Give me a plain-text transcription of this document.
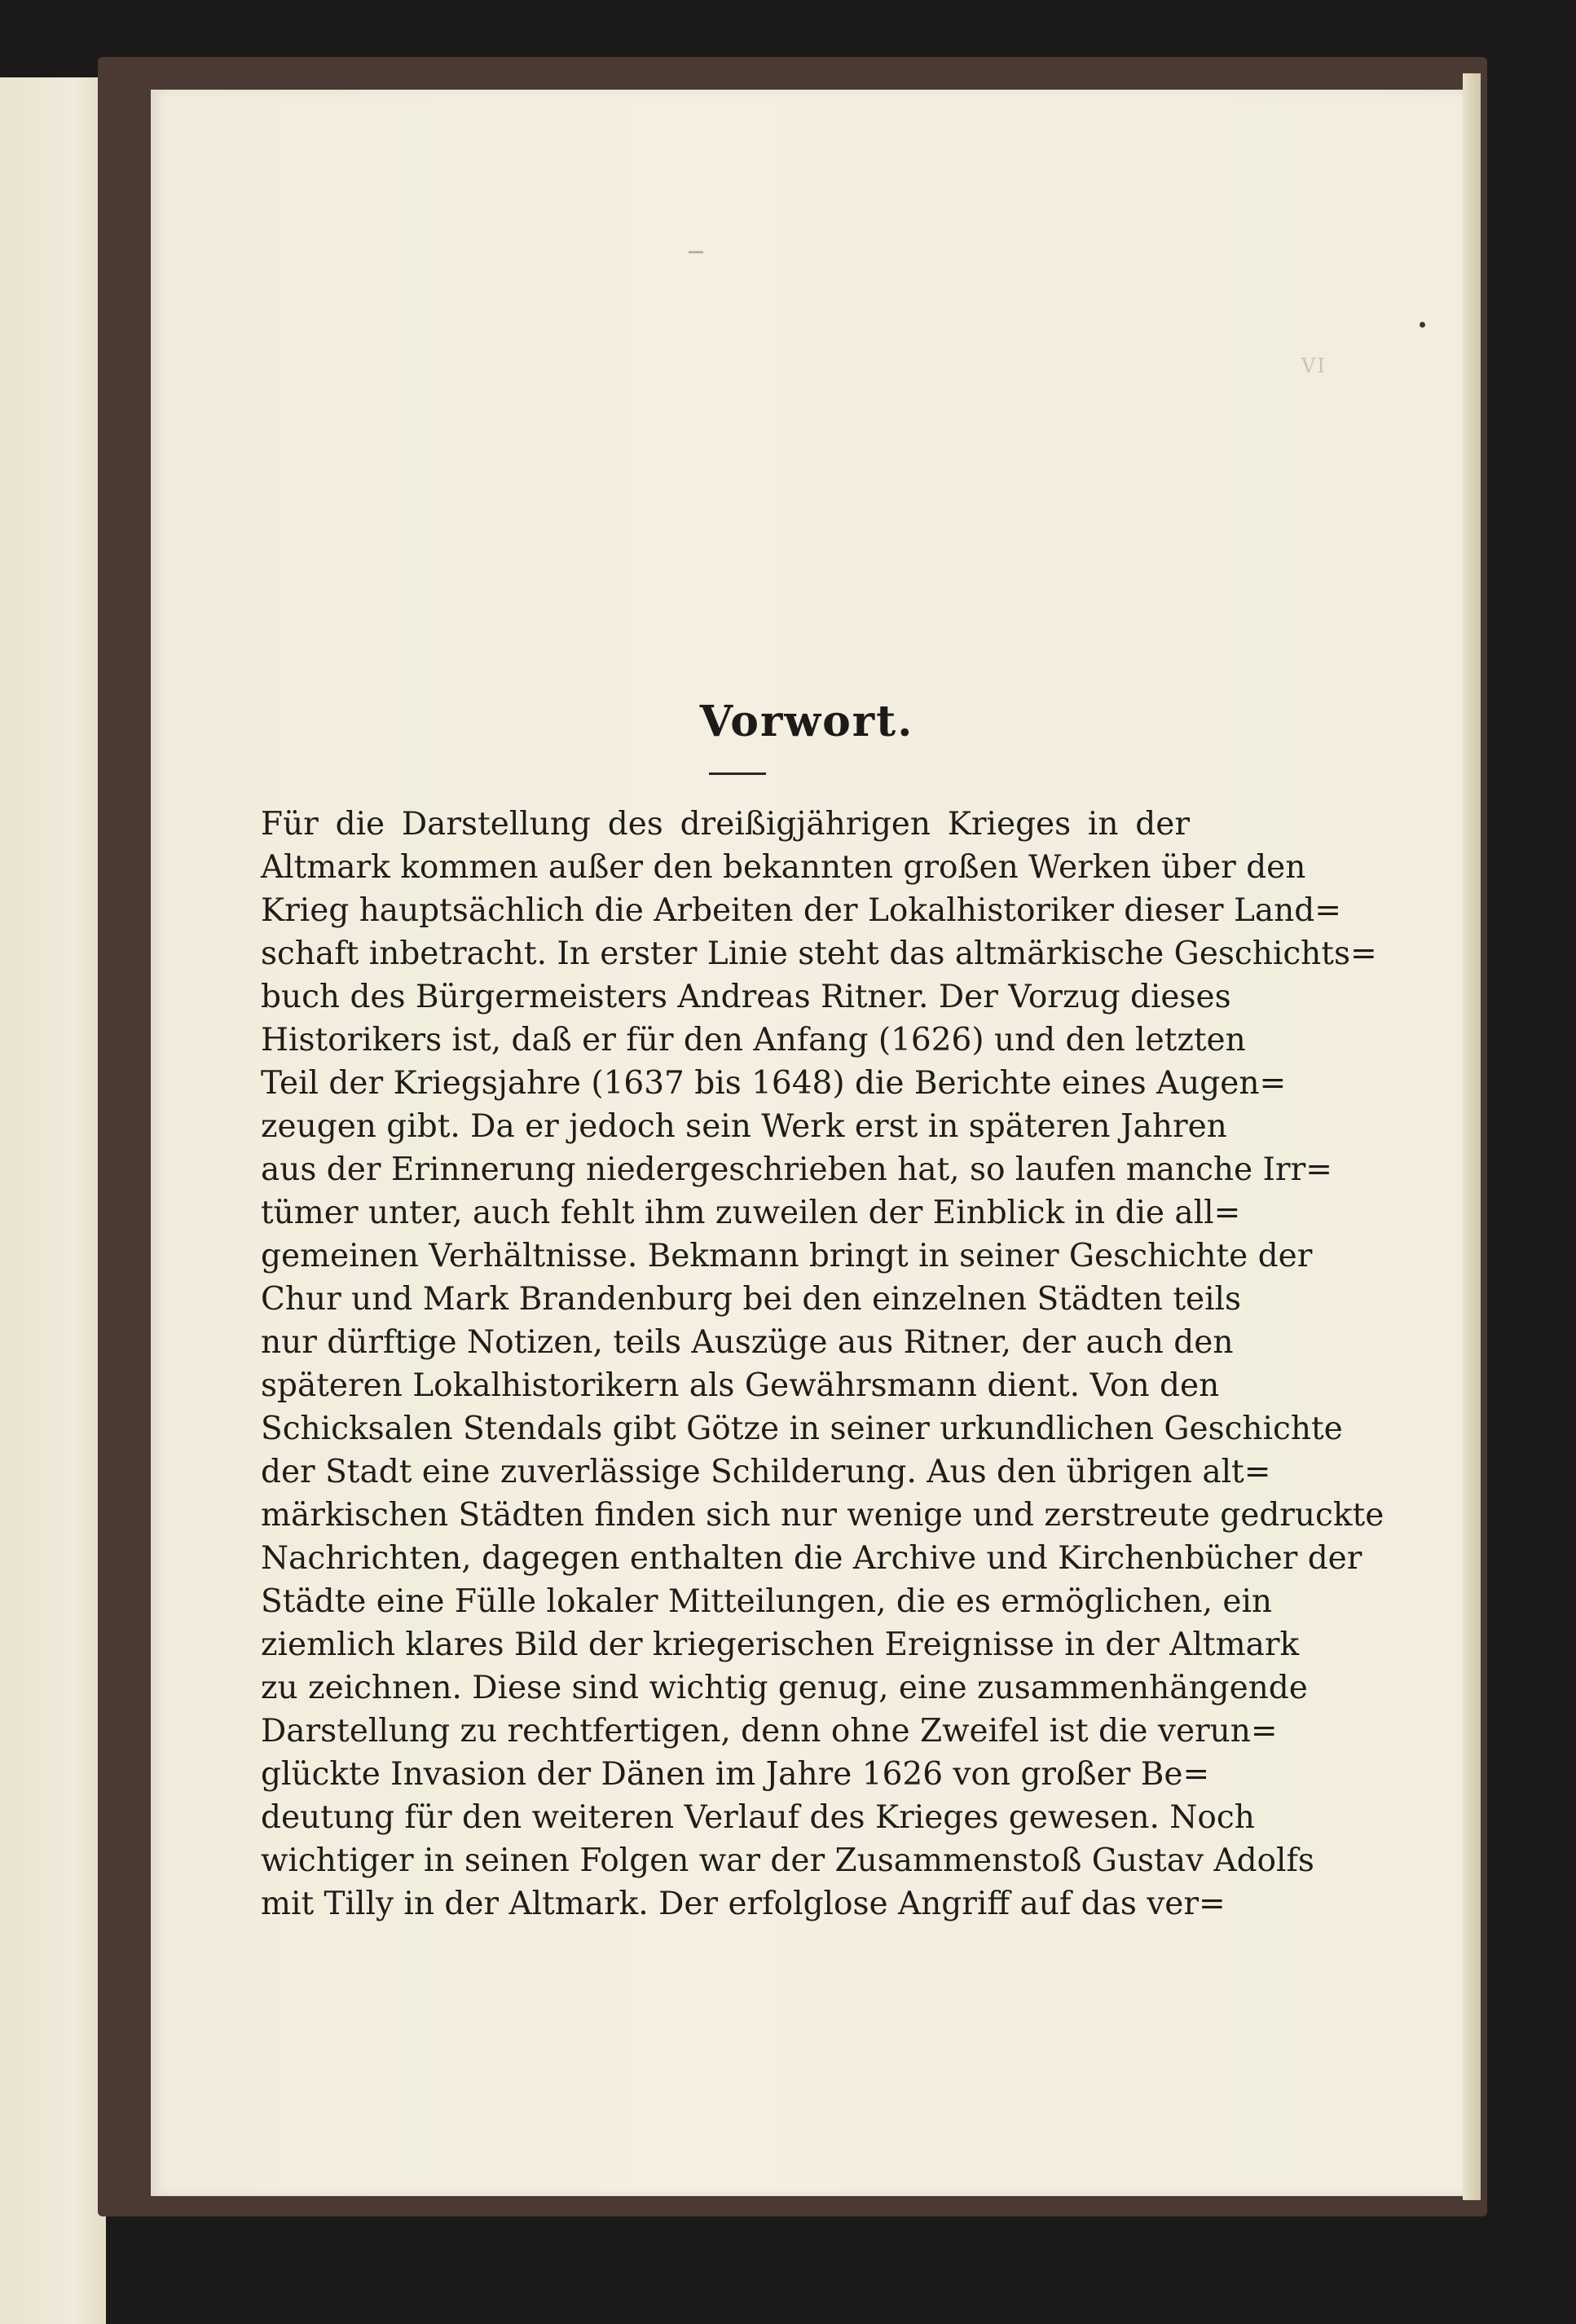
VI
Vorwort.
Für die Darstellung des dreißigjährigen Krieges in der
Altmark kommen außer den bekannten großen Werken über den
Krieg hauptsächlich die Arbeiten der Lokalhistoriker dieser Land=
schaft inbetracht. In erster Linie steht das altmärkische Geschichts=
buch des Bürgermeisters Andreas Ritner. Der Vorzug dieses
Historikers ist, daß er für den Anfang (1626) und den letzten
Teil der Kriegsjahre (1637 bis 1648) die Berichte eines Augen=
zeugen gibt. Da er jedoch sein Werk erst in späteren Jahren
aus der Erinnerung niedergeschrieben hat, so laufen manche Irr=
tümer unter, auch fehlt ihm zuweilen der Einblick in die all=
gemeinen Verhältnisse. Bekmann bringt in seiner Geschichte der
Chur und Mark Brandenburg bei den einzelnen Städten teils
nur dürftige Notizen, teils Auszüge aus Ritner, der auch den
späteren Lokalhistorikern als Gewährsmann dient. Von den
Schicksalen Stendals gibt Götze in seiner urkundlichen Geschichte
der Stadt eine zuverlässige Schilderung. Aus den übrigen alt=
märkischen Städten finden sich nur wenige und zerstreute gedruckte
Nachrichten, dagegen enthalten die Archive und Kirchenbücher der
Städte eine Fülle lokaler Mitteilungen, die es ermöglichen, ein
ziemlich klares Bild der kriegerischen Ereignisse in der Altmark
zu zeichnen. Diese sind wichtig genug, eine zusammenhängende
Darstellung zu rechtfertigen, denn ohne Zweifel ist die verun=
glückte Invasion der Dänen im Jahre 1626 von großer Be=
deutung für den weiteren Verlauf des Krieges gewesen. Noch
wichtiger in seinen Folgen war der Zusammenstoß Gustav Adolfs
mit Tilly in der Altmark. Der erfolglose Angriff auf das ver=
